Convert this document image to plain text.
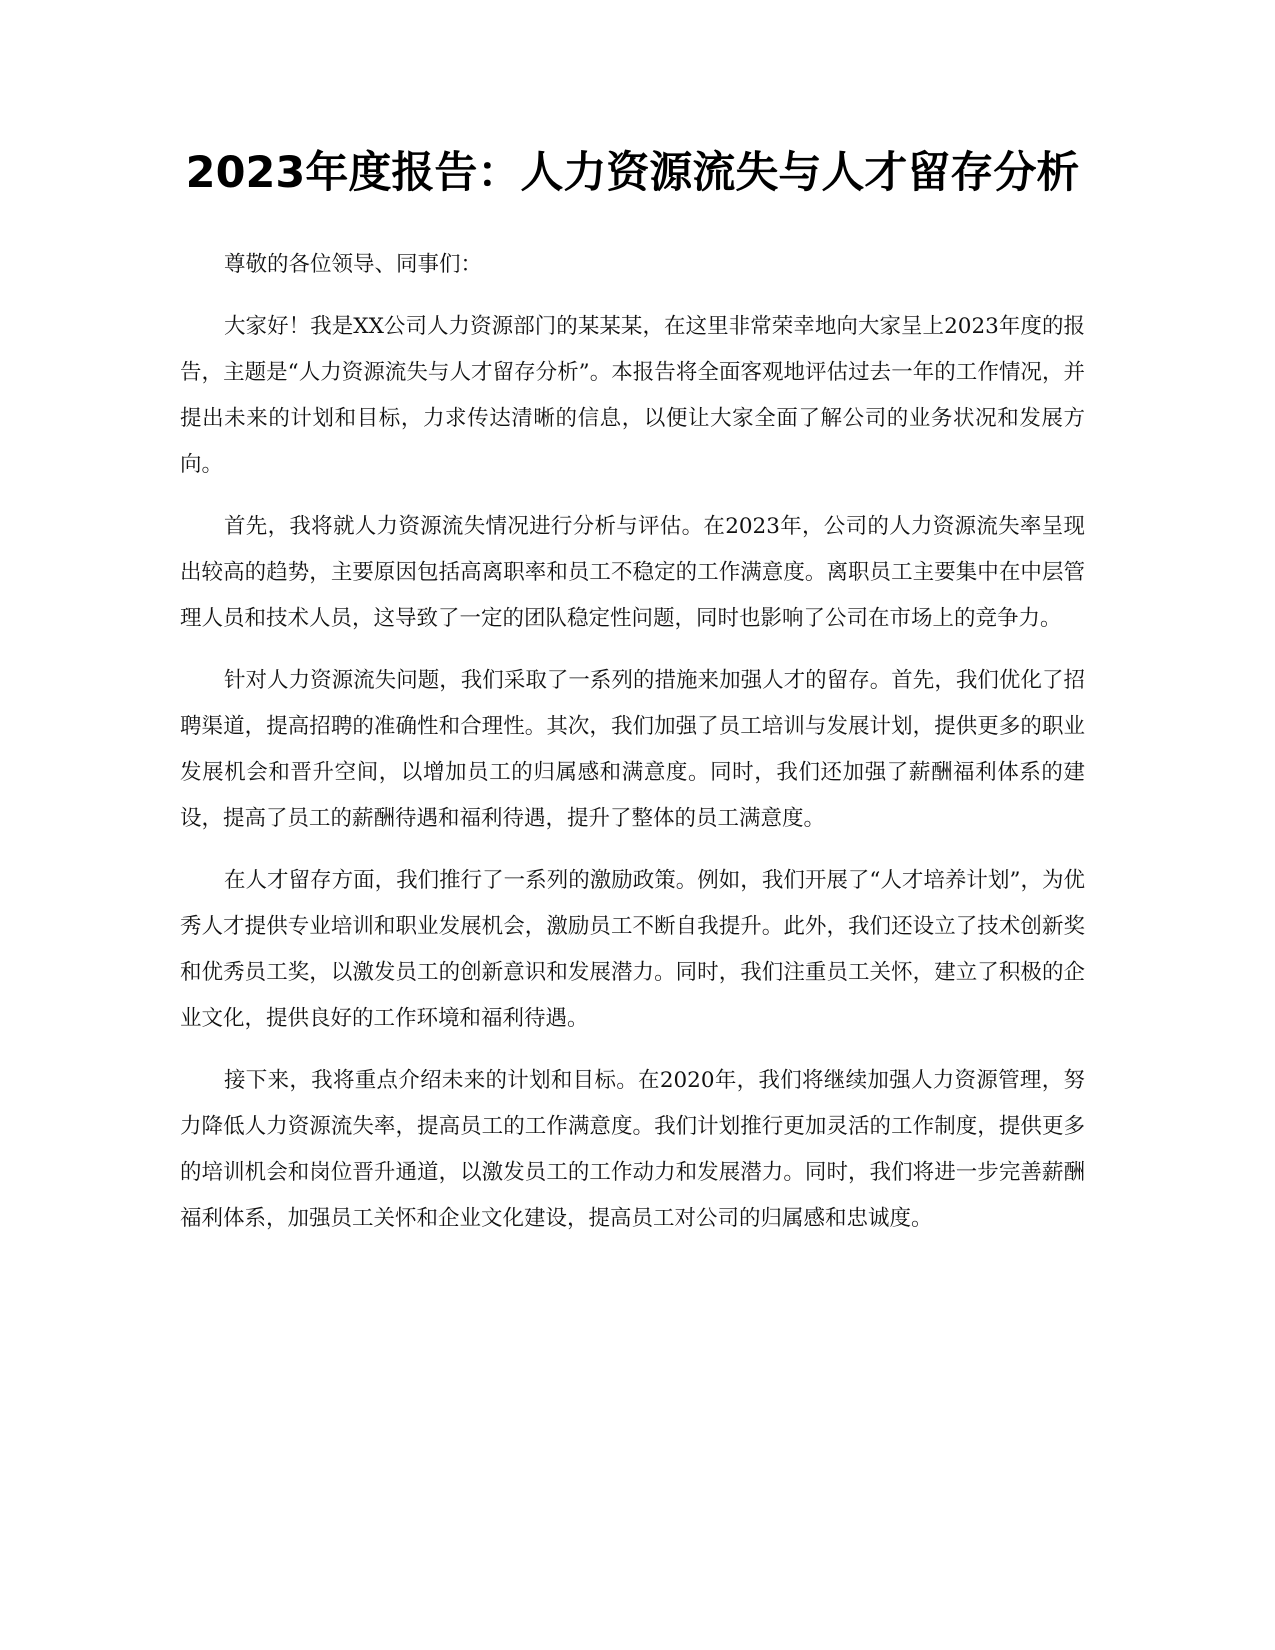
2023年度报告：人力资源流失与人才留存分析

尊敬的各位领导、同事们：

大家好！我是XX公司人力资源部门的某某某，在这里非常荣幸地向大家呈上2023年度的报告，主题是“人力资源流失与人才留存分析”。本报告将全面客观地评估过去一年的工作情况，并提出未来的计划和目标，力求传达清晰的信息，以便让大家全面了解公司的业务状况和发展方向。

首先，我将就人力资源流失情况进行分析与评估。在2023年，公司的人力资源流失率呈现出较高的趋势，主要原因包括高离职率和员工不稳定的工作满意度。离职员工主要集中在中层管理人员和技术人员，这导致了一定的团队稳定性问题，同时也影响了公司在市场上的竞争力。

针对人力资源流失问题，我们采取了一系列的措施来加强人才的留存。首先，我们优化了招聘渠道，提高招聘的准确性和合理性。其次，我们加强了员工培训与发展计划，提供更多的职业发展机会和晋升空间，以增加员工的归属感和满意度。同时，我们还加强了薪酬福利体系的建设，提高了员工的薪酬待遇和福利待遇，提升了整体的员工满意度。

在人才留存方面，我们推行了一系列的激励政策。例如，我们开展了“人才培养计划”，为优秀人才提供专业培训和职业发展机会，激励员工不断自我提升。此外，我们还设立了技术创新奖和优秀员工奖，以激发员工的创新意识和发展潜力。同时，我们注重员工关怀，建立了积极的企业文化，提供良好的工作环境和福利待遇。

接下来，我将重点介绍未来的计划和目标。在2020年，我们将继续加强人力资源管理，努力降低人力资源流失率，提高员工的工作满意度。我们计划推行更加灵活的工作制度，提供更多的培训机会和岗位晋升通道，以激发员工的工作动力和发展潜力。同时，我们将进一步完善薪酬福利体系，加强员工关怀和企业文化建设，提高员工对公司的归属感和忠诚度。
